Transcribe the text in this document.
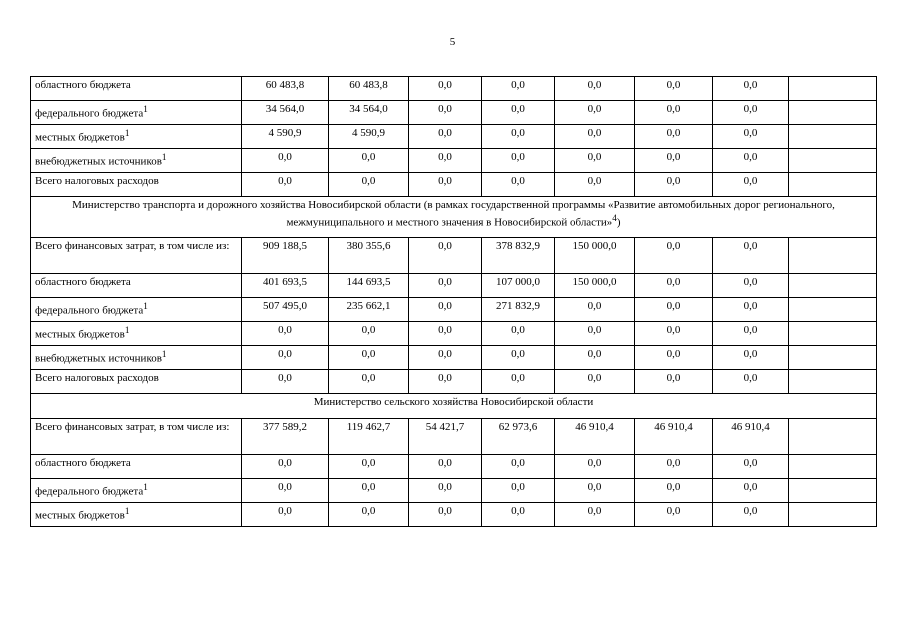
5
областного бюджета	60 483,8	60 483,8	0,0	0,0	0,0	0,0	0,0	
федерального бюджета$^1$	34 564,0	34 564,0	0,0	0,0	0,0	0,0	0,0	
местных бюджетов$^1$	4 590,9	4 590,9	0,0	0,0	0,0	0,0	0,0	
внебюджетных источников$^1$	0,0	0,0	0,0	0,0	0,0	0,0	0,0	
Всего налоговых расходов	0,0	0,0	0,0	0,0	0,0	0,0	0,0	
Министерство транспорта и дорожного хозяйства Новосибирской области (в рамках государственной программы «Развитие автомобильных дорог регионального, межмуниципального и местного значения в Новосибирской области»$^4$)								
Всего финансовых затрат, в том числе из:	909 188,5	380 355,6	0,0	378 832,9	150 000,0	0,0	0,0	
областного бюджета	401 693,5	144 693,5	0,0	107 000,0	150 000,0	0,0	0,0	
федерального бюджета$^1$	507 495,0	235 662,1	0,0	271 832,9	0,0	0,0	0,0	
местных бюджетов$^1$	0,0	0,0	0,0	0,0	0,0	0,0	0,0	
внебюджетных источников$^1$	0,0	0,0	0,0	0,0	0,0	0,0	0,0	
Всего налоговых расходов	0,0	0,0	0,0	0,0	0,0	0,0	0,0	
Министерство сельского хозяйства Новосибирской области								
Всего финансовых затрат, в том числе из:	377 589,2	119 462,7	54 421,7	62 973,6	46 910,4	46 910,4	46 910,4	
областного бюджета	0,0	0,0	0,0	0,0	0,0	0,0	0,0	
федерального бюджета$^1$	0,0	0,0	0,0	0,0	0,0	0,0	0,0	
местных бюджетов$^1$	0,0	0,0	0,0	0,0	0,0	0,0	0,0	
